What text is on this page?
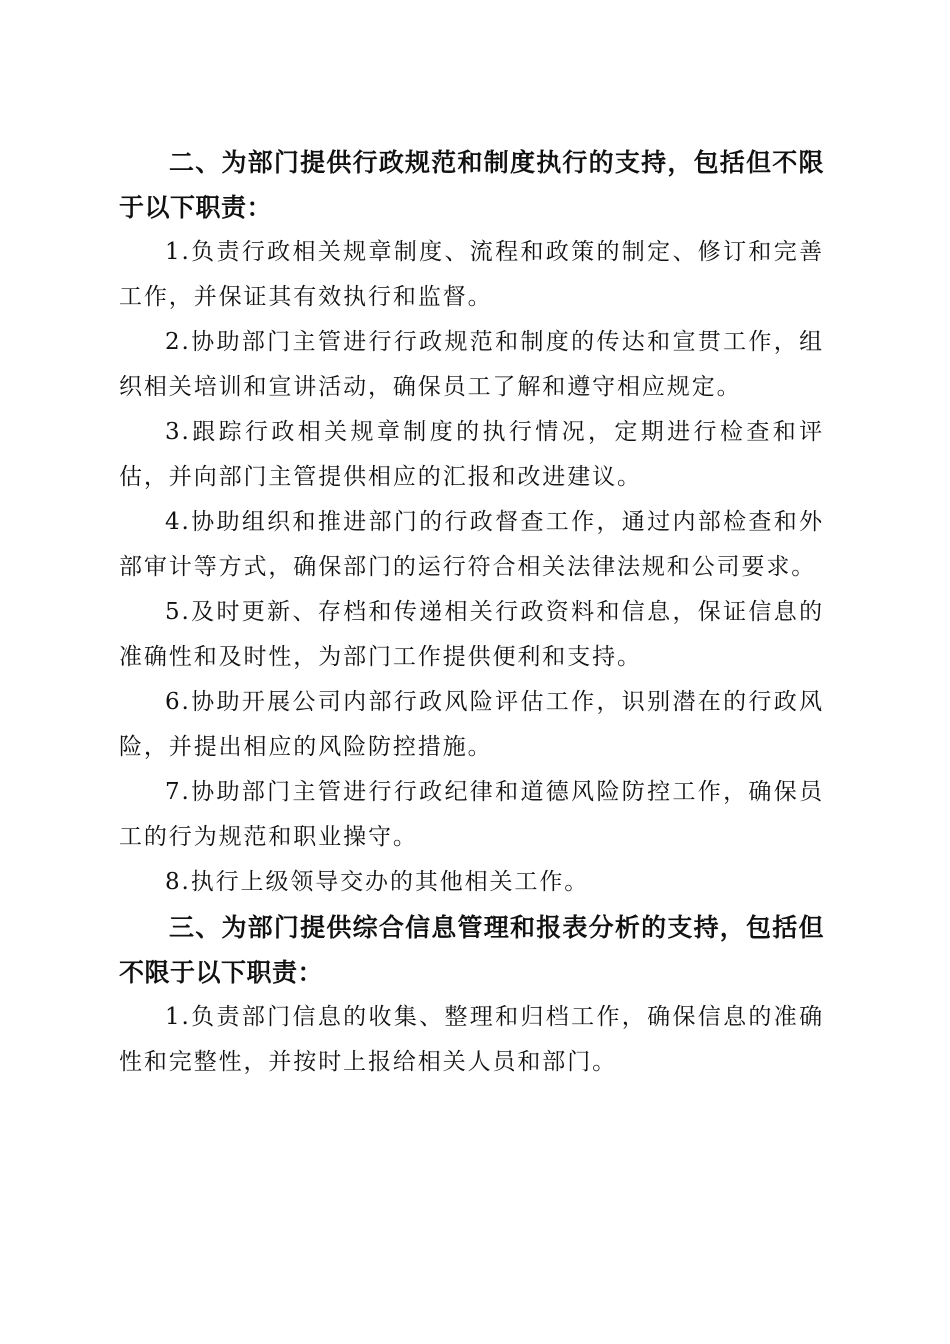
二、为部门提供行政规范和制度执行的支持，包括但不限于以下职责：

1.负责行政相关规章制度、流程和政策的制定、修订和完善工作，并保证其有效执行和监督。

2.协助部门主管进行行政规范和制度的传达和宣贯工作，组织相关培训和宣讲活动，确保员工了解和遵守相应规定。

3.跟踪行政相关规章制度的执行情况，定期进行检查和评估，并向部门主管提供相应的汇报和改进建议。

4.协助组织和推进部门的行政督查工作，通过内部检查和外部审计等方式，确保部门的运行符合相关法律法规和公司要求。

5.及时更新、存档和传递相关行政资料和信息，保证信息的准确性和及时性，为部门工作提供便利和支持。

6.协助开展公司内部行政风险评估工作，识别潜在的行政风险，并提出相应的风险防控措施。

7.协助部门主管进行行政纪律和道德风险防控工作，确保员工的行为规范和职业操守。

8.执行上级领导交办的其他相关工作。

三、为部门提供综合信息管理和报表分析的支持，包括但不限于以下职责：

1.负责部门信息的收集、整理和归档工作，确保信息的准确性和完整性，并按时上报给相关人员和部门。
